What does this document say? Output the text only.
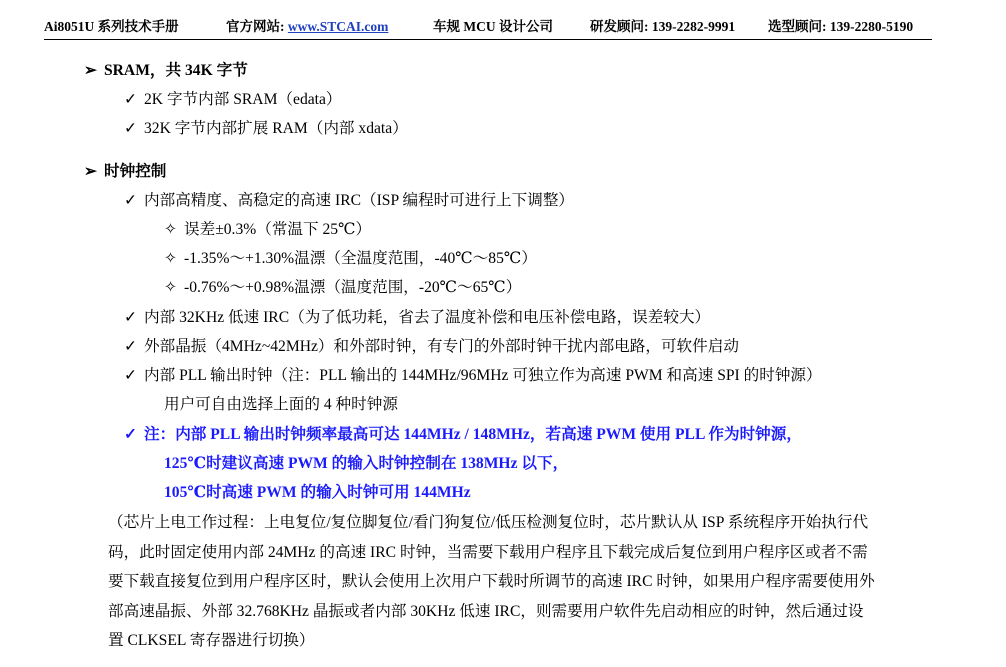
Ai8051U 系列技术手册	官方网站: www.STCAI.com	车规 MCU 设计公司	研发顾问: 139-2282-9991 选型顾问: 139-2280-5190
➢ SRAM，共 34K 字节
✓ 2K 字节内部 SRAM（edata）
✓ 32K 字节内部扩展 RAM（内部 xdata）
➢ 时钟控制
✓ 内部高精度、高稳定的高速 IRC（ISP 编程时可进行上下调整）
✧ 误差±0.3%（常温下 25℃）
✧ -1.35%～+1.30%温漂（全温度范围，-40℃～85℃）
✧ -0.76%～+0.98%温漂（温度范围，-20℃～65℃）
✓ 内部 32KHz 低速 IRC（为了低功耗，省去了温度补偿和电压补偿电路，误差较大）
✓ 外部晶振（4MHz~42MHz）和外部时钟，有专门的外部时钟干扰内部电路，可软件启动
✓ 内部 PLL 输出时钟（注：PLL 输出的 144MHz/96MHz 可独立作为高速 PWM 和高速 SPI 的时钟源）
用户可自由选择上面的 4 种时钟源
✓ 注：内部 PLL 输出时钟频率最高可达 144MHz / 148MHz，若高速 PWM 使用 PLL 作为时钟源，
125℃时建议高速 PWM 的输入时钟控制在 138MHz 以下，
105℃时高速 PWM 的输入时钟可用 144MHz
（芯片上电工作过程：上电复位/复位脚复位/看门狗复位/低压检测复位时，芯片默认从 ISP 系统程序开始执行代
码，此时固定使用内部 24MHz 的高速 IRC 时钟，当需要下载用户程序且下载完成后复位到用户程序区或者不需
要下载直接复位到用户程序区时，默认会使用上次用户下载时所调节的高速 IRC 时钟，如果用户程序需要使用外
部高速晶振、外部 32.768KHz 晶振或者内部 30KHz 低速 IRC，则需要用户软件先启动相应的时钟，然后通过设
置 CLKSEL 寄存器进行切换）
